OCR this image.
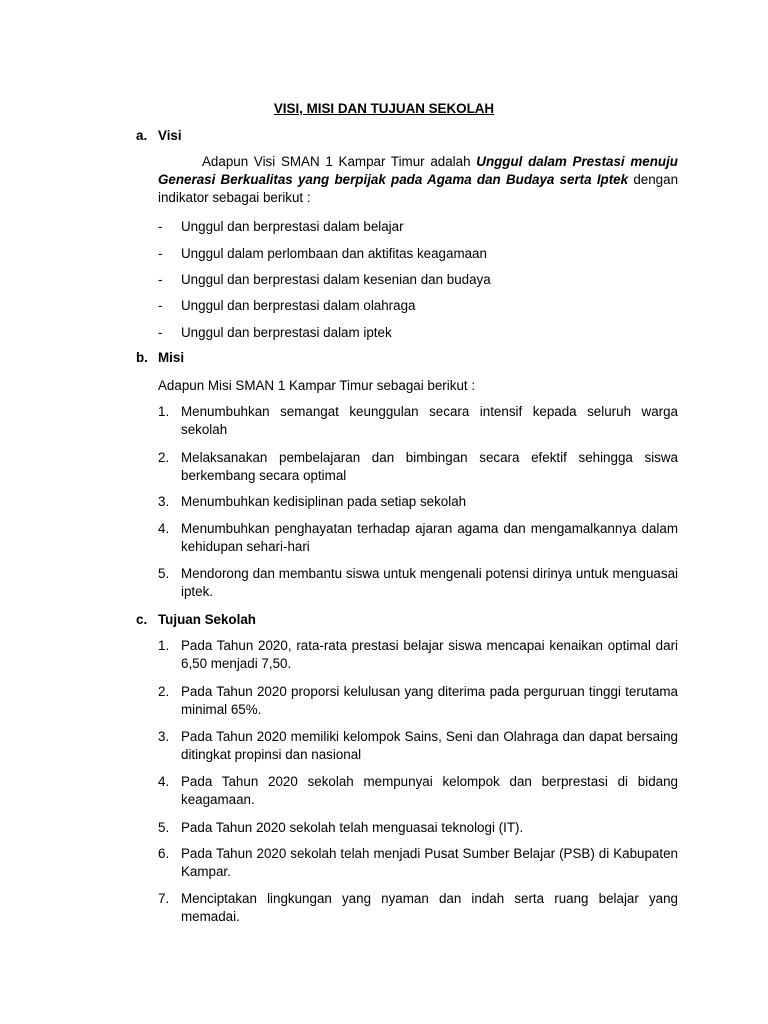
VISI, MISI DAN TUJUAN SEKOLAH
a. Visi
Adapun Visi SMAN 1 Kampar Timur adalah Unggul dalam Prestasi menuju Generasi Berkualitas yang berpijak pada Agama dan Budaya serta Iptek dengan indikator sebagai berikut :
-	Unggul dan berprestasi dalam belajar
-	Unggul dalam perlombaan dan aktifitas keagamaan
-	Unggul dan berprestasi dalam kesenian dan budaya
-	Unggul dan berprestasi dalam olahraga
-	Unggul dan berprestasi dalam iptek
b. Misi
Adapun Misi SMAN 1 Kampar Timur sebagai berikut :
1. Menumbuhkan semangat keunggulan secara intensif kepada seluruh warga sekolah
2. Melaksanakan pembelajaran dan bimbingan secara efektif sehingga siswa berkembang secara optimal
3. Menumbuhkan kedisiplinan pada setiap sekolah
4. Menumbuhkan penghayatan terhadap ajaran agama dan mengamalkannya dalam kehidupan sehari-hari
5. Mendorong dan membantu siswa untuk mengenali potensi dirinya untuk menguasai iptek.
c. Tujuan Sekolah
1. Pada Tahun 2020, rata-rata prestasi belajar siswa mencapai kenaikan optimal dari 6,50 menjadi 7,50.
2. Pada Tahun 2020 proporsi kelulusan yang diterima pada perguruan tinggi terutama minimal 65%.
3. Pada Tahun 2020 memiliki kelompok Sains, Seni dan Olahraga dan dapat bersaing ditingkat propinsi dan nasional
4. Pada Tahun 2020 sekolah mempunyai kelompok dan berprestasi di bidang keagamaan.
5. Pada Tahun 2020 sekolah telah menguasai teknologi (IT).
6. Pada Tahun 2020 sekolah telah menjadi Pusat Sumber Belajar (PSB) di Kabupaten Kampar.
7. Menciptakan lingkungan yang nyaman dan indah serta ruang belajar yang memadai.
